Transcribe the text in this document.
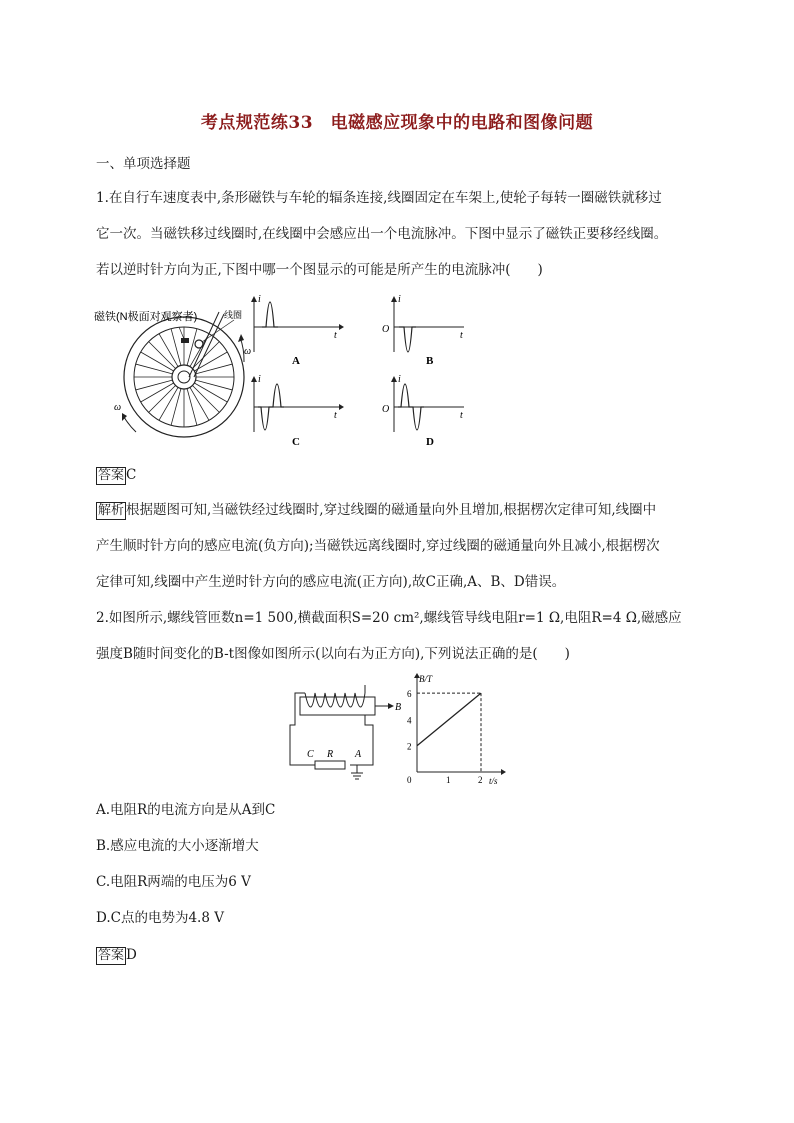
考点规范练33　电磁感应现象中的电路和图像问题
一、单项选择题
1.在自行车速度表中,条形磁铁与车轮的辐条连接,线圈固定在车架上,使轮子每转一圈磁铁就移过
它一次。当磁铁移过线圈时,在线圈中会感应出一个电流脉冲。下图中显示了磁铁正要移经线圈。
若以逆时针方向为正,下图中哪一个图显示的可能是所产生的电流脉冲(　　)
磁铁(N极面对观察者)	线圈
ω
ω
i
t
A
i
O
t
B
i
t
C
i
O
t
D
答案 C
解析 根据题图可知,当磁铁经过线圈时,穿过线圈的磁通量向外且增加,根据楞次定律可知,线圈中
产生顺时针方向的感应电流(负方向);当磁铁远离线圈时,穿过线圈的磁通量向外且减小,根据楞次
定律可知,线圈中产生逆时针方向的感应电流(正方向),故C正确,A、B、D错误。
2.如图所示,螺线管匝数n=1 500,横截面积S=20 cm²,螺线管导线电阻r=1 Ω,电阻R=4 Ω,磁感应
强度B随时间变化的B-t图像如图所示(以向右为正方向),下列说法正确的是(　　)
B
C R A
2
4
6
0	1	2
B/T
t/s
A.电阻R的电流方向是从A到C
B.感应电流的大小逐渐增大
C.电阻R两端的电压为6 V
D.C点的电势为4.8 V
答案 D
